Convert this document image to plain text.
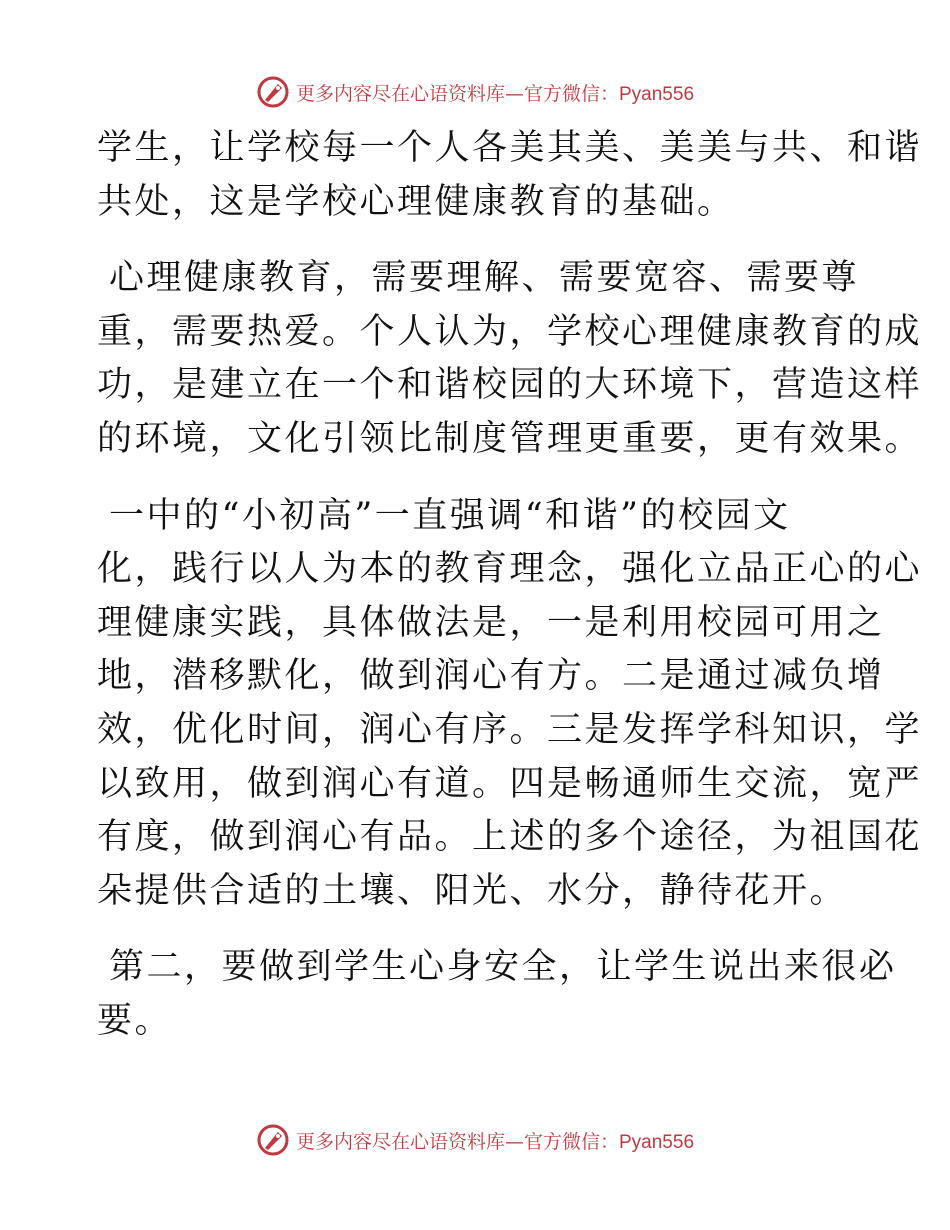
更多内容尽在心语资料库—官方微信：Pyan556

学生，让学校每一个人各美其美、美美与共、和谐
共处，这是学校心理健康教育的基础。

心理健康教育，需要理解、需要宽容、需要尊
重，需要热爱。个人认为，学校心理健康教育的成
功，是建立在一个和谐校园的大环境下，营造这样
的环境，文化引领比制度管理更重要，更有效果。

一中的“小初高”一直强调“和谐”的校园文
化，践行以人为本的教育理念，强化立品正心的心
理健康实践，具体做法是，一是利用校园可用之
地，潜移默化，做到润心有方。二是通过减负增
效，优化时间，润心有序。三是发挥学科知识，学
以致用，做到润心有道。四是畅通师生交流，宽严
有度，做到润心有品。上述的多个途径，为祖国花
朵提供合适的土壤、阳光、水分，静待花开。

第二，要做到学生心身安全，让学生说出来很必
要。

更多内容尽在心语资料库—官方微信：Pyan556
